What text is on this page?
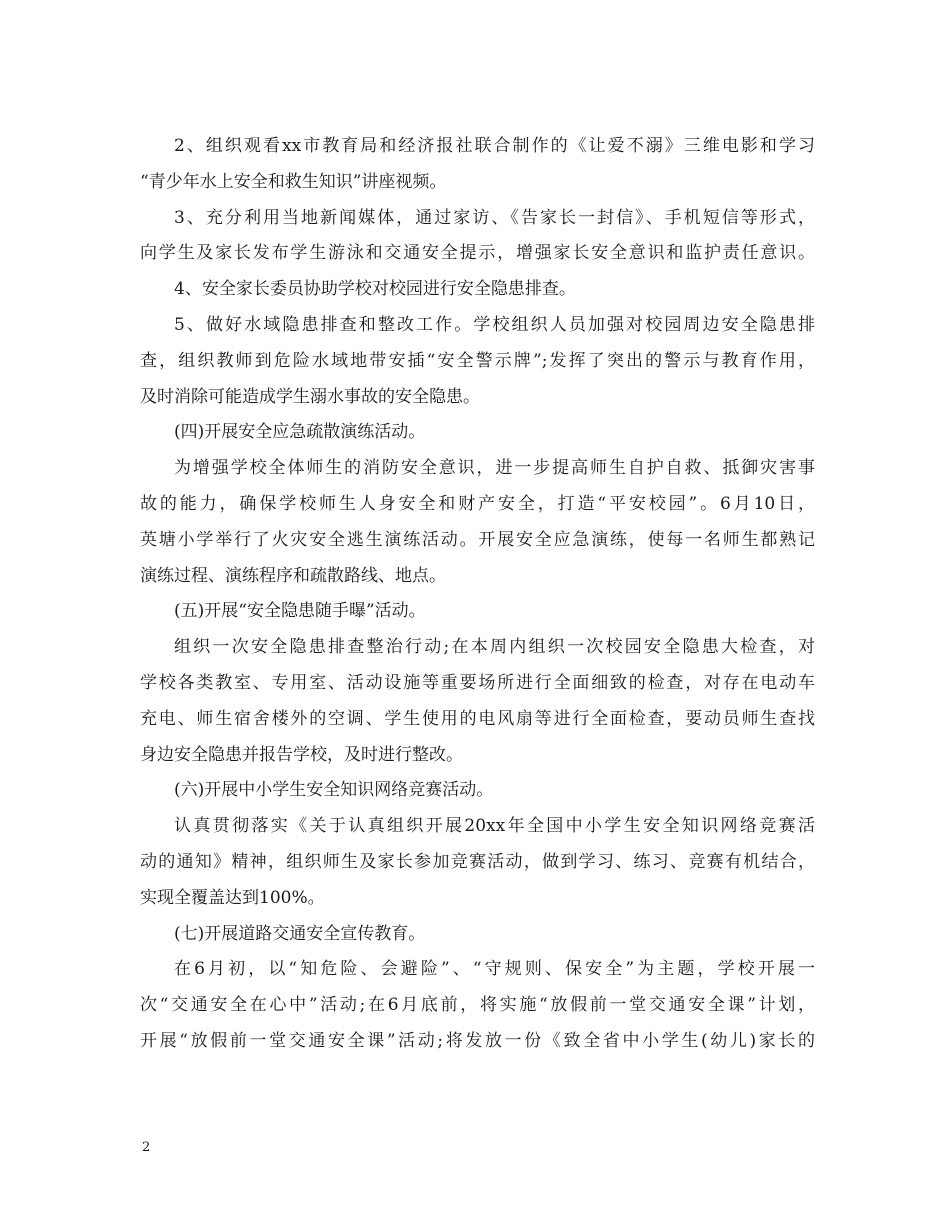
2、组织观看xx市教育局和经济报社联合制作的《让爱不溺》三维电影和学习
“青少年水上安全和救生知识”讲座视频。
3、充分利用当地新闻媒体，通过家访、《告家长一封信》、手机短信等形式，
向学生及家长发布学生游泳和交通安全提示，增强家长安全意识和监护责任意识。
4、安全家长委员协助学校对校园进行安全隐患排查。
5、做好水域隐患排查和整改工作。学校组织人员加强对校园周边安全隐患排
查，组织教师到危险水域地带安插“安全警示牌”;发挥了突出的警示与教育作用，
及时消除可能造成学生溺水事故的安全隐患。
(四)开展安全应急疏散演练活动。
为增强学校全体师生的消防安全意识，进一步提高师生自护自救、抵御灾害事
故的能力，确保学校师生人身安全和财产安全，打造“平安校园”。6月10日，
英塘小学举行了火灾安全逃生演练活动。开展安全应急演练，使每一名师生都熟记
演练过程、演练程序和疏散路线、地点。
(五)开展“安全隐患随手曝”活动。
组织一次安全隐患排查整治行动;在本周内组织一次校园安全隐患大检查，对
学校各类教室、专用室、活动设施等重要场所进行全面细致的检查，对存在电动车
充电、师生宿舍楼外的空调、学生使用的电风扇等进行全面检查，要动员师生查找
身边安全隐患并报告学校，及时进行整改。
(六)开展中小学生安全知识网络竞赛活动。
认真贯彻落实《关于认真组织开展20xx年全国中小学生安全知识网络竞赛活
动的通知》精神，组织师生及家长参加竞赛活动，做到学习、练习、竞赛有机结合，
实现全覆盖达到100%。
(七)开展道路交通安全宣传教育。
在6月初，以“知危险、会避险”、“守规则、保安全”为主题，学校开展一
次“交通安全在心中”活动;在6月底前，将实施“放假前一堂交通安全课”计划，
开展“放假前一堂交通安全课”活动;将发放一份《致全省中小学生(幼儿)家长的
2
